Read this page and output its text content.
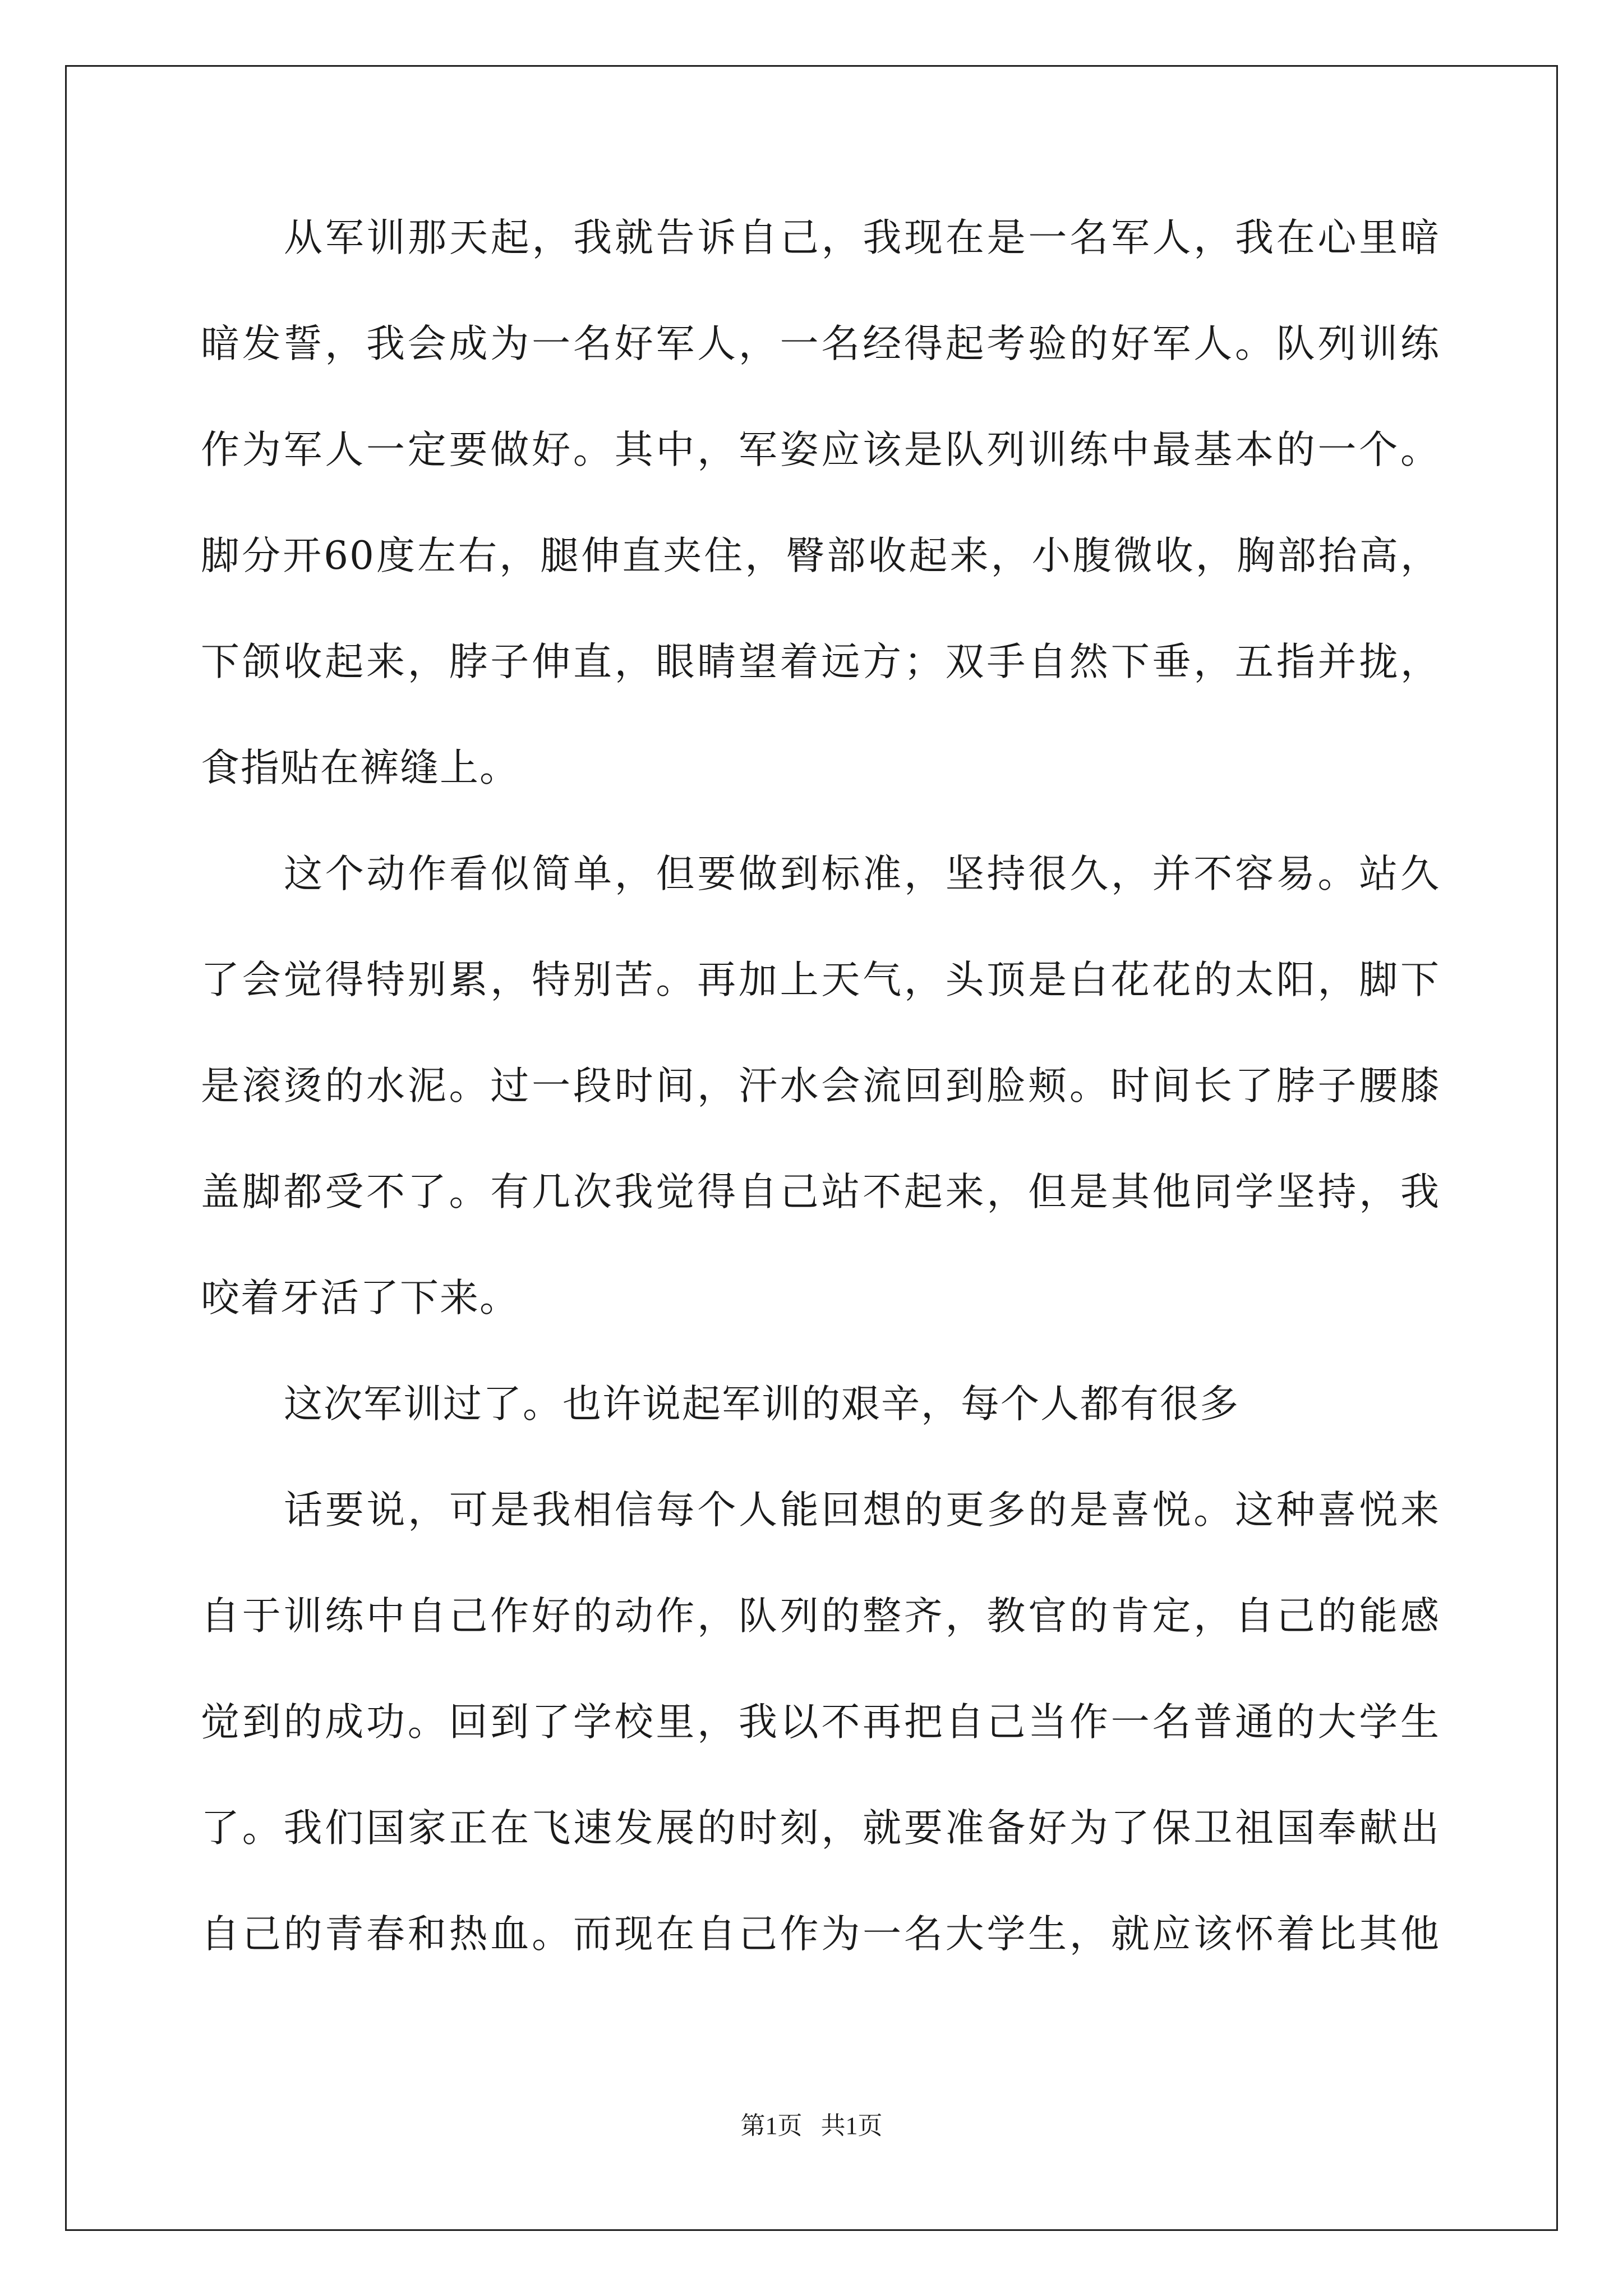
从军训那天起，我就告诉自己，我现在是一名军人，我在心里暗
暗发誓，我会成为一名好军人，一名经得起考验的好军人。队列训练
作为军人一定要做好。其中，军姿应该是队列训练中最基本的一个。
脚分开60度左右，腿伸直夹住，臀部收起来，小腹微收，胸部抬高，
下颌收起来，脖子伸直，眼睛望着远方；双手自然下垂，五指并拢，
食指贴在裤缝上。
这个动作看似简单，但要做到标准，坚持很久，并不容易。站久
了会觉得特别累，特别苦。再加上天气，头顶是白花花的太阳，脚下
是滚烫的水泥。过一段时间，汗水会流回到脸颊。时间长了脖子腰膝
盖脚都受不了。有几次我觉得自己站不起来，但是其他同学坚持，我
咬着牙活了下来。
这次军训过了。也许说起军训的艰辛，每个人都有很多
话要说，可是我相信每个人能回想的更多的是喜悦。这种喜悦来
自于训练中自己作好的动作，队列的整齐，教官的肯定，自己的能感
觉到的成功。回到了学校里，我以不再把自己当作一名普通的大学生
了。我们国家正在飞速发展的时刻，就要准备好为了保卫祖国奉献出
自己的青春和热血。而现在自己作为一名大学生，就应该怀着比其他
第1页   共1页
